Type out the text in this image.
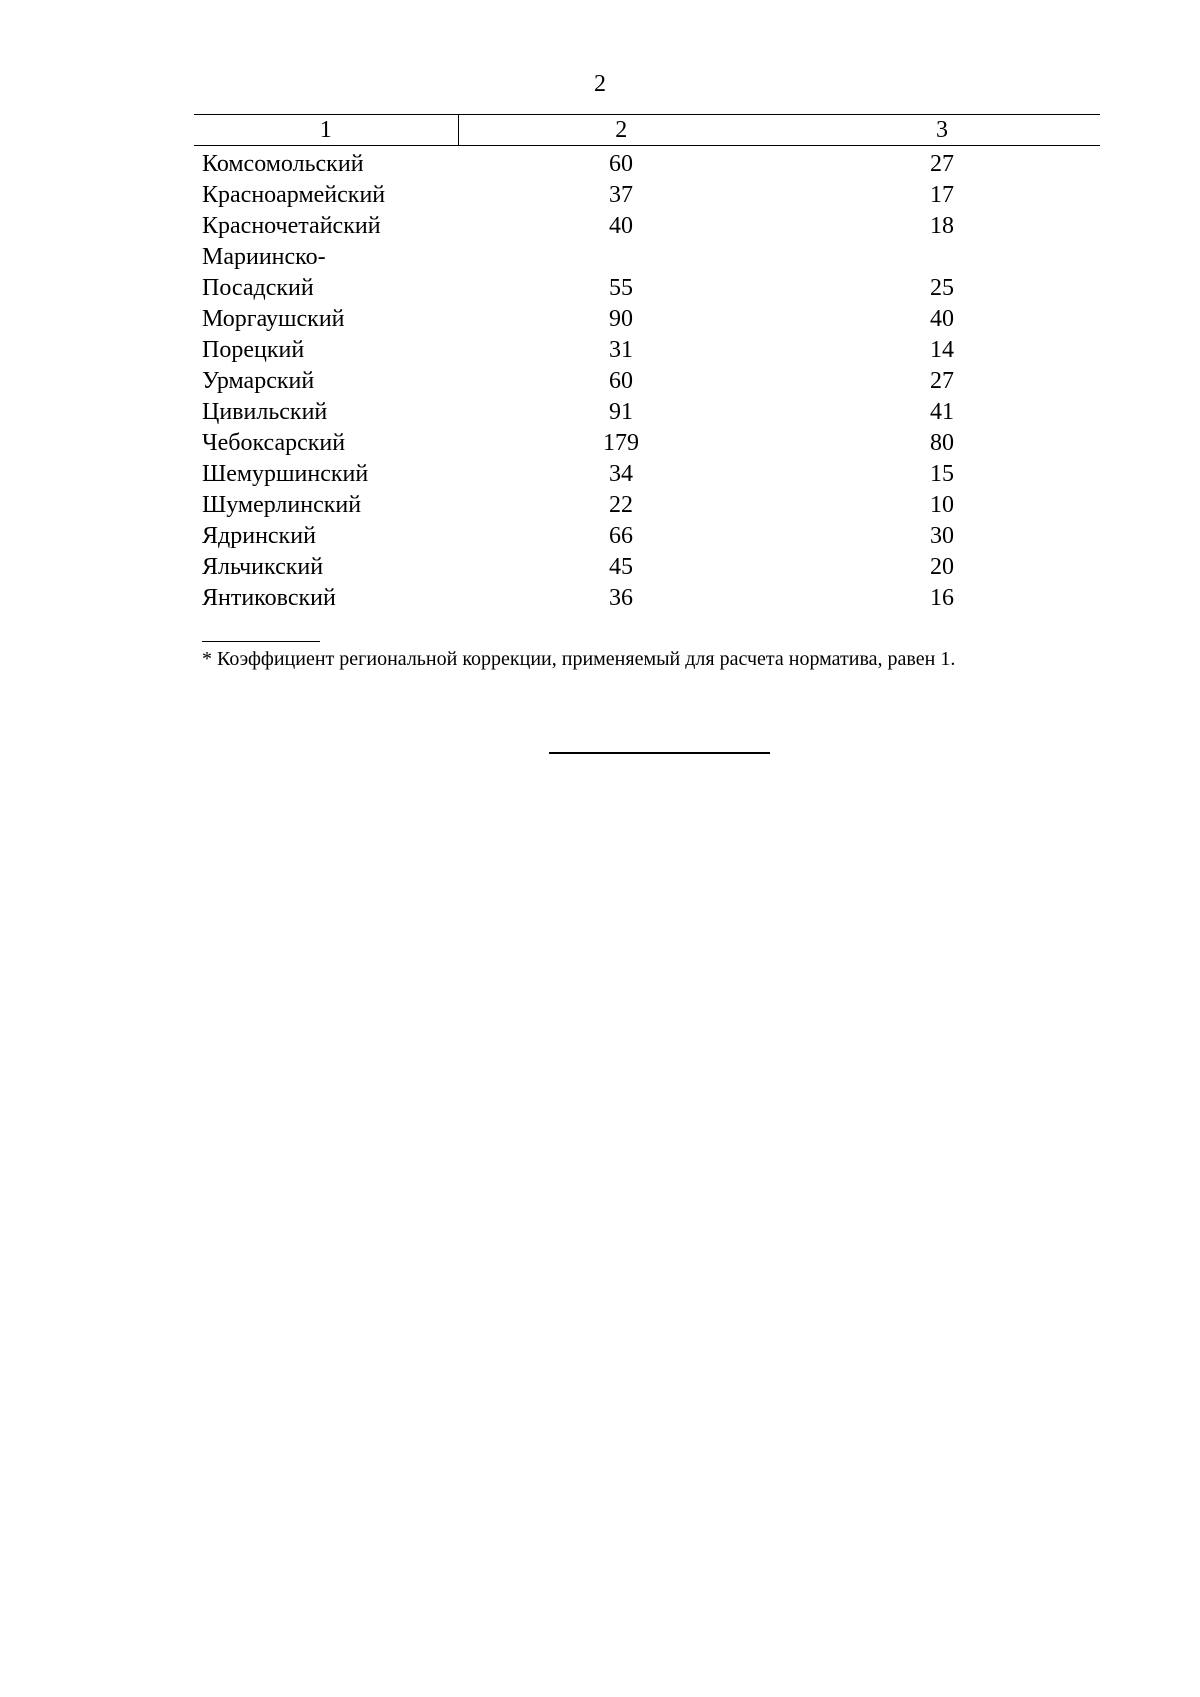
2
1	2	3
Комсомольский	60	27
Красноармейский	37	17
Красночетайский	40	18
Мариинско-		
Посадский	55	25
Моргаушский	90	40
Порецкий	31	14
Урмарский	60	27
Цивильский	91	41
Чебоксарский	179	80
Шемуршинский	34	15
Шумерлинский	22	10
Ядринский	66	30
Яльчикский	45	20
Янтиковский	36	16
* Коэффициент региональной коррекции, применяемый для расчета норматива, равен 1.
